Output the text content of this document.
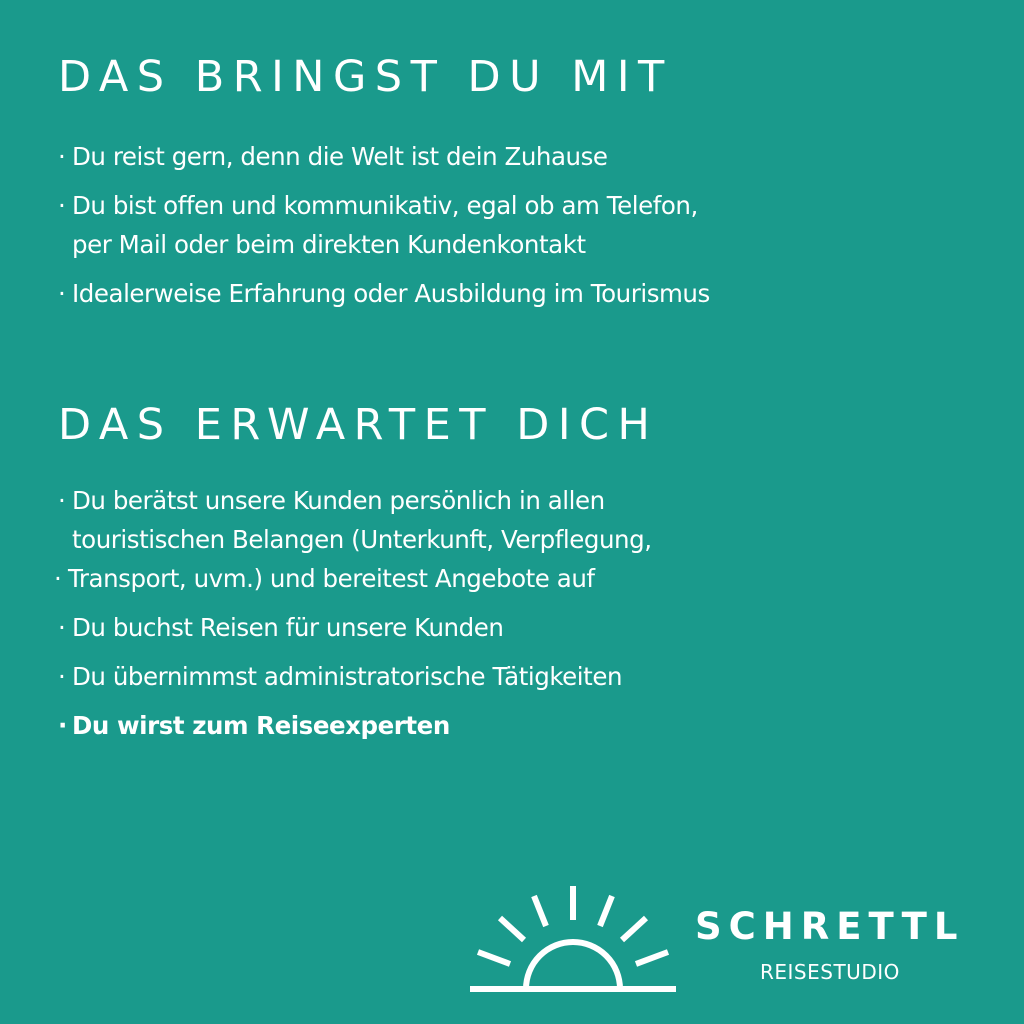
DAS BRINGST DU MIT
· Du reist gern, denn die Welt ist dein Zuhause
· Du bist offen und kommunikativ, egal ob am Telefon,
per Mail oder beim direkten Kundenkontakt
· Idealerweise Erfahrung oder Ausbildung im Tourismus
DAS ERWARTET DICH
· Du berätst unsere Kunden persönlich in allen
touristischen Belangen (Unterkunft, Verpflegung,
· Transport, uvm.) und bereitest Angebote auf
· Du buchst Reisen für unsere Kunden
· Du übernimmst administratorische Tätigkeiten
· Du wirst zum Reiseexperten
SCHRETTL
REISESTUDIO
